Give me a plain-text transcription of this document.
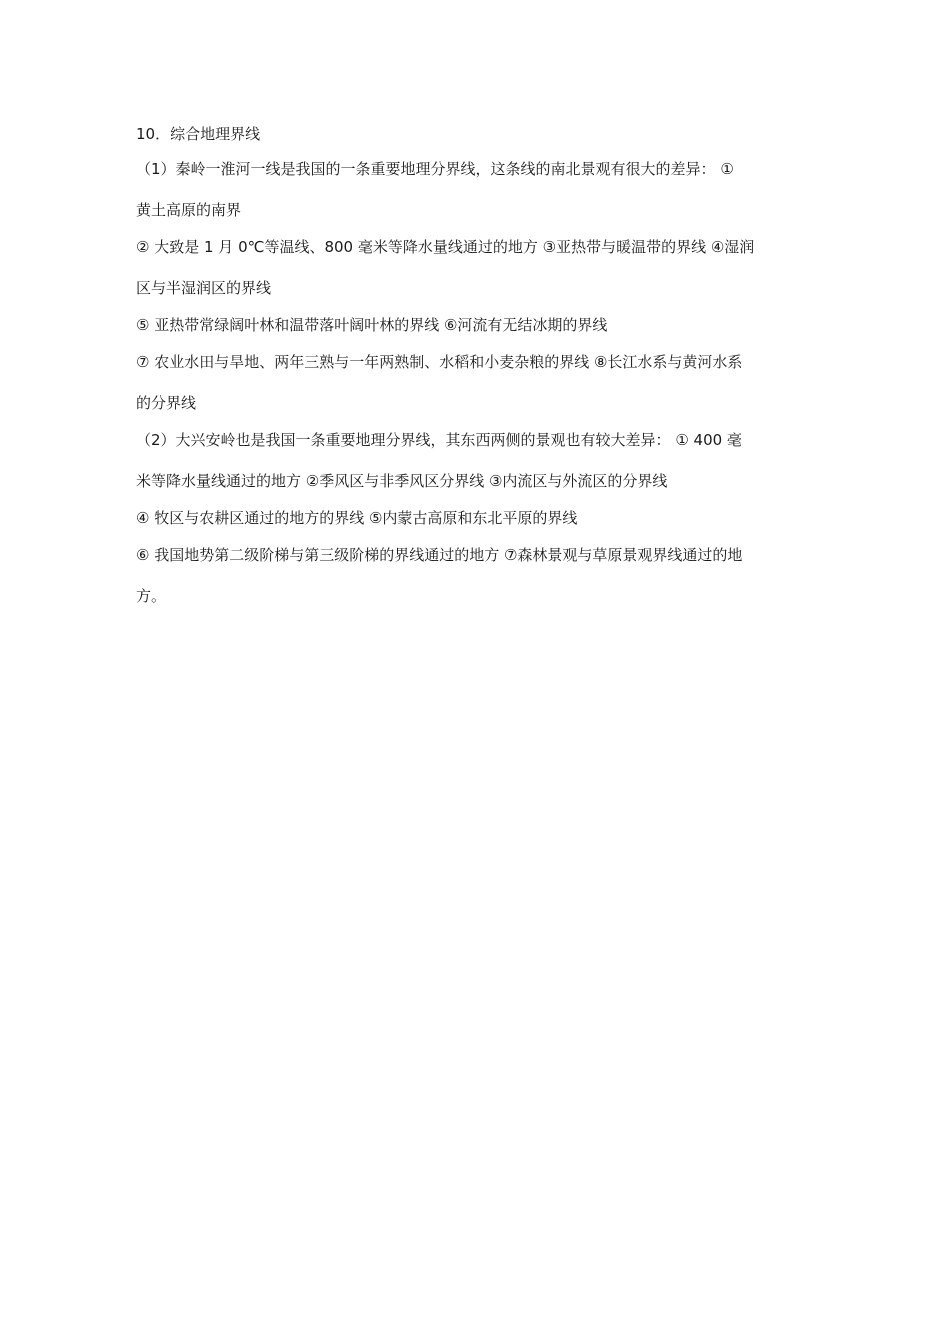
10．综合地理界线
（1）秦岭一淮河一线是我国的一条重要地理分界线，这条线的南北景观有很大的差异： ①
黄土高原的南界
② 大致是 1 月 0℃等温线、800 毫米等降水量线通过的地方 ③亚热带与暖温带的界线 ④湿润
区与半湿润区的界线
⑤ 亚热带常绿阔叶林和温带落叶阔叶林的界线 ⑥河流有无结冰期的界线
⑦ 农业水田与旱地、两年三熟与一年两熟制、水稻和小麦杂粮的界线 ⑧长江水系与黄河水系
的分界线
（2）大兴安岭也是我国一条重要地理分界线，其东西两侧的景观也有较大差异： ① 400 毫
米等降水量线通过的地方 ②季风区与非季风区分界线 ③内流区与外流区的分界线
④ 牧区与农耕区通过的地方的界线 ⑤内蒙古高原和东北平原的界线
⑥ 我国地势第二级阶梯与第三级阶梯的界线通过的地方 ⑦森林景观与草原景观界线通过的地
方。
